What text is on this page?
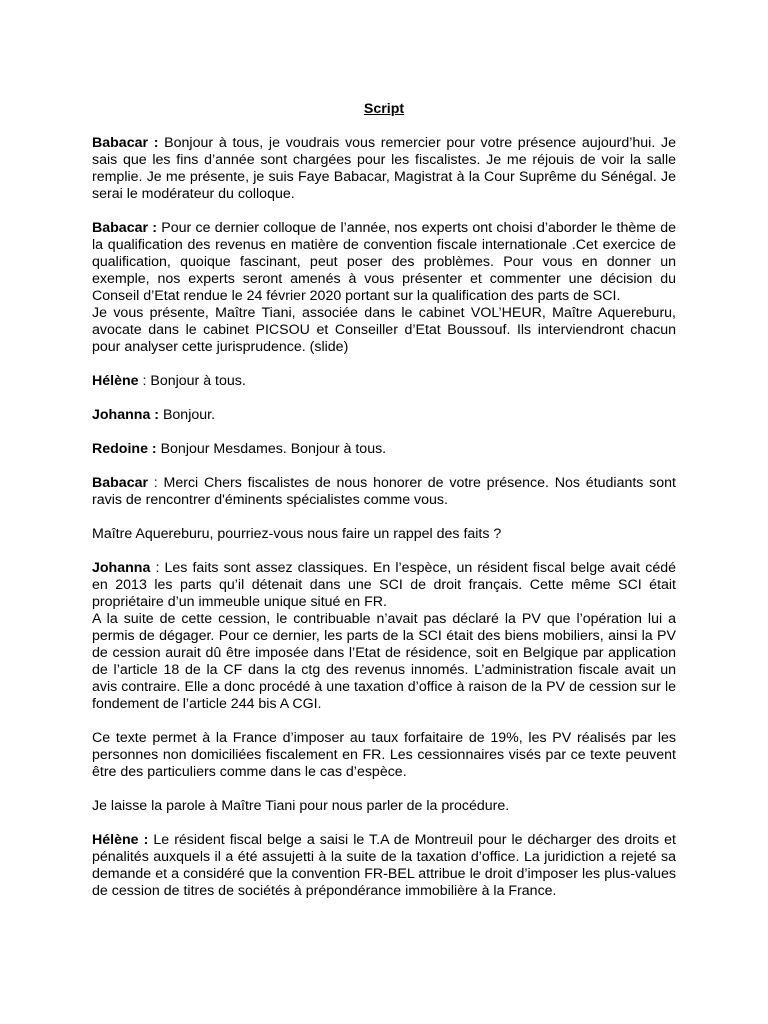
Script

Babacar : Bonjour à tous, je voudrais vous remercier pour votre présence aujourd’hui. Je sais que les fins d’année sont chargées pour les fiscalistes. Je me réjouis de voir la salle remplie. Je me présente, je suis Faye Babacar, Magistrat à la Cour Suprême du Sénégal. Je serai le modérateur du colloque.

Babacar : Pour ce dernier colloque de l’année, nos experts ont choisi d’aborder le thème de la qualification des revenus en matière de convention fiscale internationale .Cet exercice de qualification, quoique fascinant, peut poser des problèmes. Pour vous en donner un exemple, nos experts seront amenés à vous présenter et commenter une décision du Conseil d’Etat rendue le 24 février 2020 portant sur la qualification des parts de SCI.

Je vous présente, Maître Tiani, associée dans le cabinet VOL’HEUR, Maître Aquereburu, avocate dans le cabinet PICSOU et Conseiller d’Etat Boussouf. Ils interviendront chacun pour analyser cette jurisprudence. (slide)

Hélène : Bonjour à tous.

Johanna : Bonjour.

Redoine : Bonjour Mesdames. Bonjour à tous.

Babacar : Merci Chers fiscalistes de nous honorer de votre présence. Nos étudiants sont ravis de rencontrer d'éminents spécialistes comme vous.

Maître Aquereburu, pourriez-vous nous faire un rappel des faits ?

Johanna : Les faits sont assez classiques. En l’espèce, un résident fiscal belge avait cédé en 2013 les parts qu’il détenait dans une SCI de droit français. Cette même SCI était propriétaire d’un immeuble unique situé en FR.

A la suite de cette cession, le contribuable n’avait pas déclaré la PV que l’opération lui a permis de dégager. Pour ce dernier, les parts de la SCI était des biens mobiliers, ainsi la PV de cession aurait dû être imposée dans l’Etat de résidence, soit en Belgique par application de l’article 18 de la CF dans la ctg des revenus innomés. L’administration fiscale avait un avis contraire. Elle a donc procédé à une taxation d’office à raison de la PV de cession sur le fondement de l’article 244 bis A CGI.

Ce texte permet à la France d’imposer au taux forfaitaire de 19%, les PV réalisés par les personnes non domiciliées fiscalement en FR. Les cessionnaires visés par ce texte peuvent être des particuliers comme dans le cas d’espèce.

Je laisse la parole à Maître Tiani pour nous parler de la procédure.

Hélène : Le résident fiscal belge a saisi le T.A de Montreuil pour le décharger des droits et pénalités auxquels il a été assujetti à la suite de la taxation d’office. La juridiction a rejeté sa demande et a considéré que la convention FR-BEL attribue le droit d’imposer les plus-values de cession de titres de sociétés à prépondérance immobilière à la France.
